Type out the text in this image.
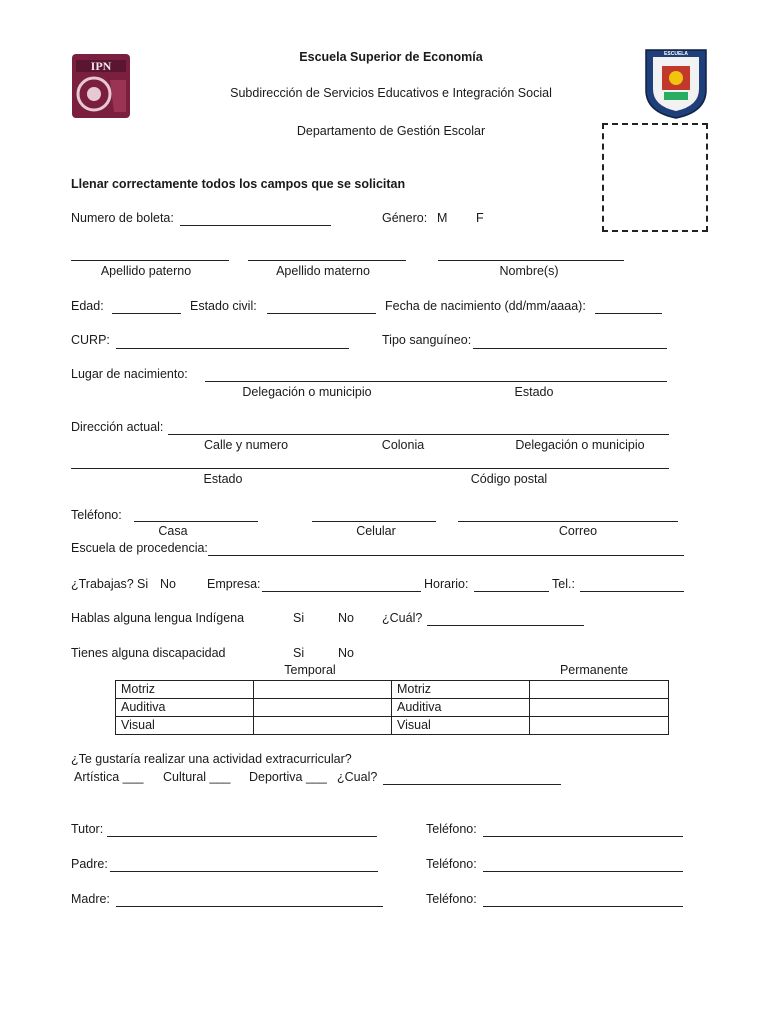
IPN
ESCUELA
Escuela Superior de Economía
Subdirección de Servicios Educativos e Integración Social
Departamento de Gestión Escolar
Llenar correctamente todos los campos que se solicitan
Numero de boleta:	Género: M F
Apellido paterno	Apellido materno	Nombre(s)
Edad:	Estado civil:	Fecha de nacimiento (dd/mm/aaaa):
CURP:	Tipo sanguíneo:
Lugar de nacimiento:
Delegación o municipio	Estado
Dirección actual:
Calle y numero	Colonia	Delegación o municipio
Estado	Código postal
Teléfono:
Casa	Celular	Correo
Escuela de procedencia:
¿Trabajas? Si No Empresa:	Horario:	Tel.:
Hablas alguna lengua Indígena	Si	No ¿Cuál?
Tienes alguna discapacidad	Si	No
Temporal	Permanente
Motriz		Motriz	
Auditiva		Auditiva	
Visual		Visual	
¿Te gustaría realizar una actividad extracurricular?
Artística ___ Cultural ___ Deportiva ___ ¿Cual?
Tutor:	Teléfono:
Padre:	Teléfono:
Madre:	Teléfono:
